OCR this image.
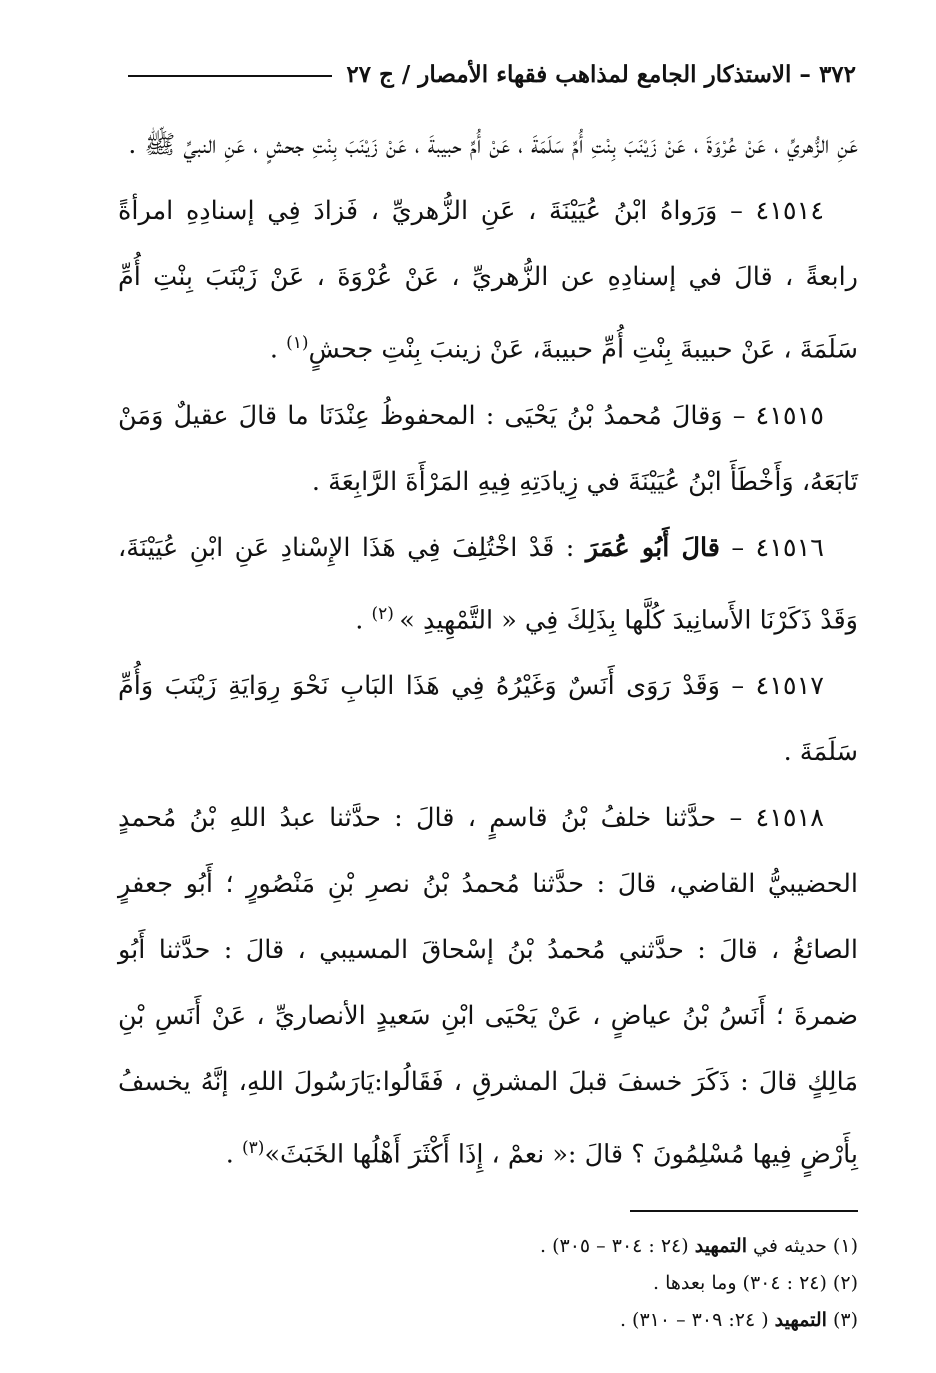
٣٧٢ – الاستذكار الجامع لمذاهب فقهاء الأمصار / ج ٢٧

عَنِ الزُّهريِّ ، عَنْ عُرْوَةَ ، عَنْ زَيْنَبَ بِنْتِ أُمِّ سَلَمَةَ ، عَنْ أُمِّ حبيبةَ ، عَنْ زَيْنَبَ بِنْتِ جحشٍ ، عَنِ النبيِّ ﷺ .

٤١٥١٤ – وَرَواهُ ابْنُ عُيَيْنَةَ ، عَنِ الزُّهريِّ ، فَزادَ فِي إسنادِهِ امرأةً رابعةً ، قالَ في إسنادِهِ عن الزُّهريِّ ، عَنْ عُرْوَةَ ، عَنْ زَيْنَبَ بِنْتِ أُمِّ سَلَمَةَ ، عَنْ حبيبةَ بِنْتِ أُمِّ حبيبةَ، عَنْ زينبَ بِنْتِ جحشٍ$^{(١)}$ .

٤١٥١٥ – وَقالَ مُحمدُ بْنُ يَحْيَى : المحفوظُ عِنْدَنَا ما قالَ عقيلٌ وَمَنْ تَابَعَهُ، وَأَخْطَأَ ابْنُ عُيَيْنَةَ في زِيادَتِهِ فِيهِ المَرْأَةَ الرَّابِعَةَ .

٤١٥١٦ – قالَ أَبُو عُمَرَ : قَدْ اخْتُلِفَ فِي هَذَا الإِسْنادِ عَنِ ابْنِ عُيَيْنَةَ، وَقَدْ ذَكَرْنَا الأَسانِيدَ كُلَّها بِذَلِكَ فِي « التَّمْهِيدِ » $^{(٢)}$ .

٤١٥١٧ – وَقَدْ رَوَى أَنَسٌ وَغَيْرُهُ فِي هَذَا البَابِ نَحْوَ رِوَايَةِ زَيْنَبَ وَأُمِّ سَلَمَةَ .

٤١٥١٨ – حدَّثنا خلفُ بْنُ قاسمٍ ، قالَ : حدَّثنا عبدُ اللهِ بْنُ مُحمدٍ الحضيبيُّ القاضي، قالَ : حدَّثنا مُحمدُ بْنُ نصرِ بْنِ مَنْصُورٍ ؛ أَبُو جعفرٍ الصائغُ ، قالَ : حدَّثني مُحمدُ بْنُ إسْحاقَ المسيبي ، قالَ : حدَّثنا أَبُو ضمرةَ ؛ أَنَسُ بْنُ عياضٍ ، عَنْ يَحْيَى ابْنِ سَعيدٍ الأنصاريِّ ، عَنْ أَنَسِ بْنِ مَالِكٍ قالَ : ذَكَرَ خسفَ قبلَ المشرقِ ، فَقَالُوا:يَارَسُولَ اللهِ، إنَّهُ يخسفُ بِأَرْضٍ فِيها مُسْلِمُونَ ؟ قالَ :« نعمْ ، إِذَا أَكْثَرَ أَهْلُها الخَبَثَ»$^{(٣)}$ .

(١) حديثه في التمهيد (٢٤ : ٣٠٤ – ٣٠٥) .

(٢) (٢٤ : ٣٠٤) وما بعدها .

(٣) التمهيد ( ٢٤: ٣٠٩ – ٣١٠) .
